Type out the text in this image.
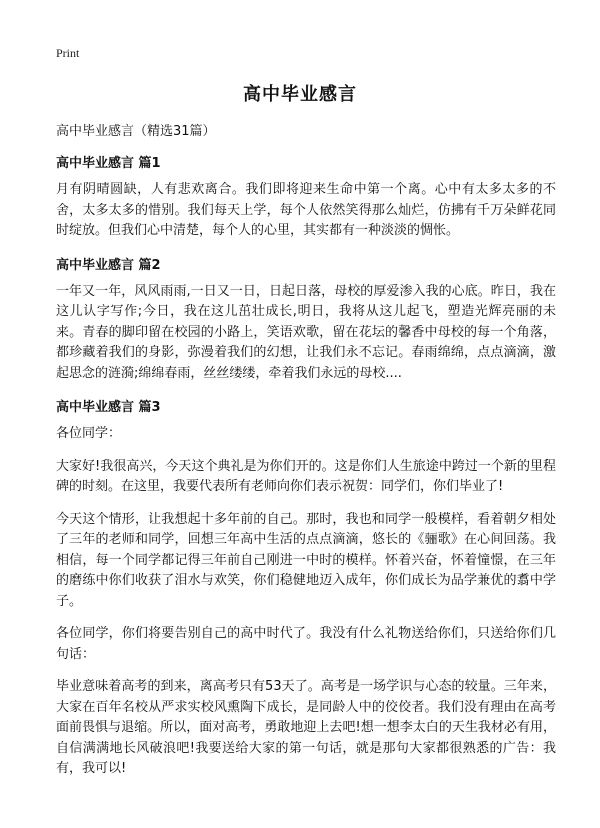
Print
高中毕业感言

高中毕业感言（精选31篇）

高中毕业感言 篇1

月有阴晴圆缺，人有悲欢离合。我们即将迎来生命中第一个离。心中有太多太多的不舍，太多太多的惜别。我们每天上学，每个人依然笑得那么灿烂，仿拂有千万朵鲜花同时绽放。但我们心中清楚，每个人的心里，其实都有一种淡淡的惆怅。

高中毕业感言 篇2

一年又一年，风风雨雨,一日又一日，日起日落，母校的厚爱渗入我的心底。昨日，我在这儿认字写作;今日，我在这儿茁壮成长,明日，我将从这儿起飞，塑造光辉亮丽的未来。青春的脚印留在校园的小路上，笑语欢歌，留在花坛的馨香中母校的每一个角落，都珍藏着我们的身影，弥漫着我们的幻想，让我们永不忘记。春雨绵绵，点点滴滴，激起思念的涟漪;绵绵春雨，丝丝缕缕，牵着我们永远的母校....

高中毕业感言 篇3

各位同学：

大家好!我很高兴，今天这个典礼是为你们开的。这是你们人生旅途中跨过一个新的里程碑的时刻。在这里，我要代表所有老师向你们表示祝贺：同学们，你们毕业了!

今天这个情形，让我想起十多年前的自己。那时，我也和同学一般模样，看着朝夕相处了三年的老师和同学，回想三年高中生活的点点滴滴，悠长的《骊歌》在心间回荡。我相信，每一个同学都记得三年前自己刚进一中时的模样。怀着兴奋，怀着憧憬，在三年的磨练中你们收获了泪水与欢笑，你们稳健地迈入成年，你们成长为品学兼优的翥中学子。

各位同学，你们将要告别自己的高中时代了。我没有什么礼物送给你们，只送给你们几句话：

毕业意味着高考的到来，离高考只有53天了。高考是一场学识与心态的较量。三年来，大家在百年名校从严求实校风熏陶下成长，是同龄人中的佼佼者。我们没有理由在高考面前畏惧与退缩。所以，面对高考，勇敢地迎上去吧!想一想李太白的天生我材必有用，自信满满地长风破浪吧!我要送给大家的第一句话，就是那句大家都很熟悉的广告：我有，我可以!
